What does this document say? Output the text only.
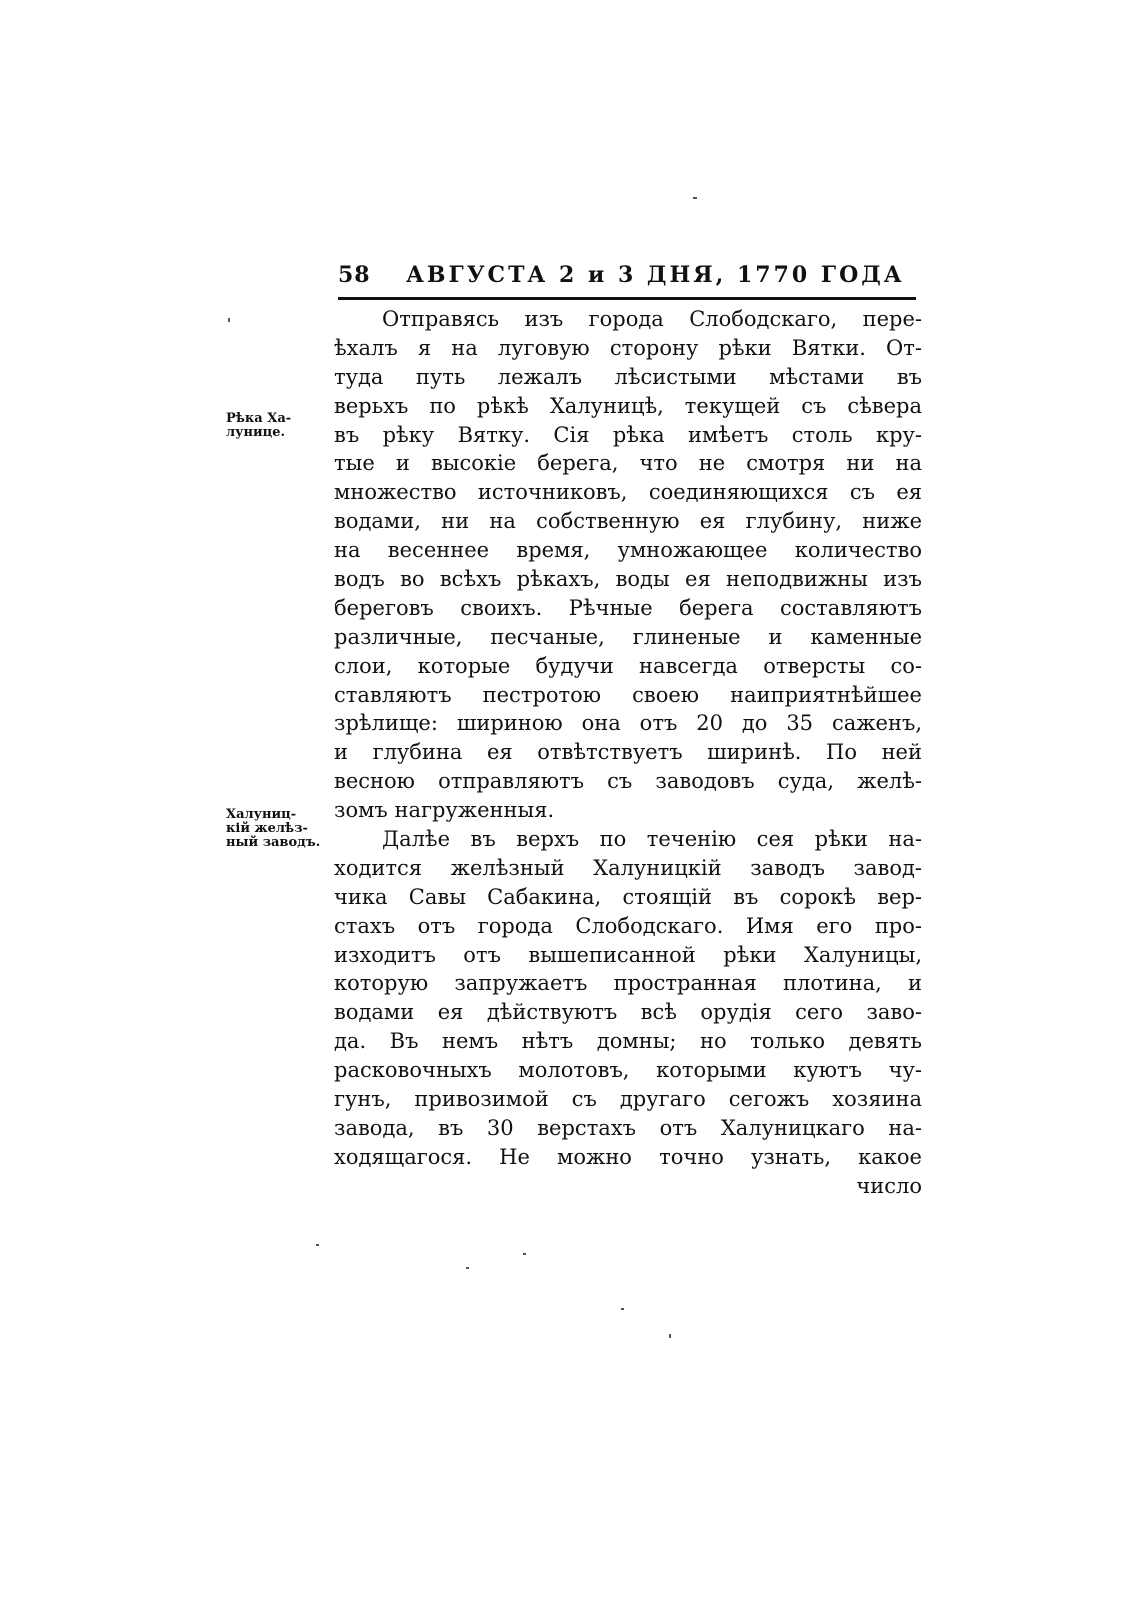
58 АВГУСТА 2 и 3 ДНЯ, 1770 ГОДА
Рѣка Ха-
лунице.
Халуниц-
кій желѣз-
ный заводъ.
Отправясь изъ города Слободскаго, пере-
ѣхалъ я на луговую сторону рѣки Вятки. От-
туда путь лежалъ лѣсистыми мѣстами въ
верьхъ по рѣкѣ Халуницѣ, текущей съ сѣвера
въ рѣку Вятку. Сія рѣка имѣетъ столь кру-
тые и высокіе берега, что не смотря ни на
множество источниковъ, соединяющихся съ ея
водами, ни на собственную ея глубину, ниже
на весеннее время, умножающее количество
водъ во всѣхъ рѣкахъ, воды ея неподвижны изъ
береговъ своихъ. Рѣчные берега составляютъ
различные, песчаные, глиненые и каменные
слои, которые будучи навсегда отверсты со-
ставляютъ пестротою своею наиприятнѣйшее
зрѣлище: шириною она отъ 20 до 35 саженъ,
и глубина ея отвѣтствуетъ ширинѣ. По ней
весною отправляютъ съ заводовъ суда, желѣ-
зомъ нагруженныя.
Далѣе въ верхъ по теченію сея рѣки на-
ходится желѣзный Халуницкій заводъ завод-
чика Савы Сабакина, стоящій въ сорокѣ вер-
стахъ отъ города Слободскаго. Имя его про-
изходитъ отъ вышеписанной рѣки Халуницы,
которую запружаетъ пространная плотина, и
водами ея дѣйствуютъ всѣ орудія сего заво-
да. Въ немъ нѣтъ домны; но только девять
расковочныхъ молотовъ, которыми куютъ чу-
гунъ, привозимой съ другаго сегожъ хозяина
завода, въ 30 верстахъ отъ Халуницкаго на-
ходящагося. Не можно точно узнать, какое
число
